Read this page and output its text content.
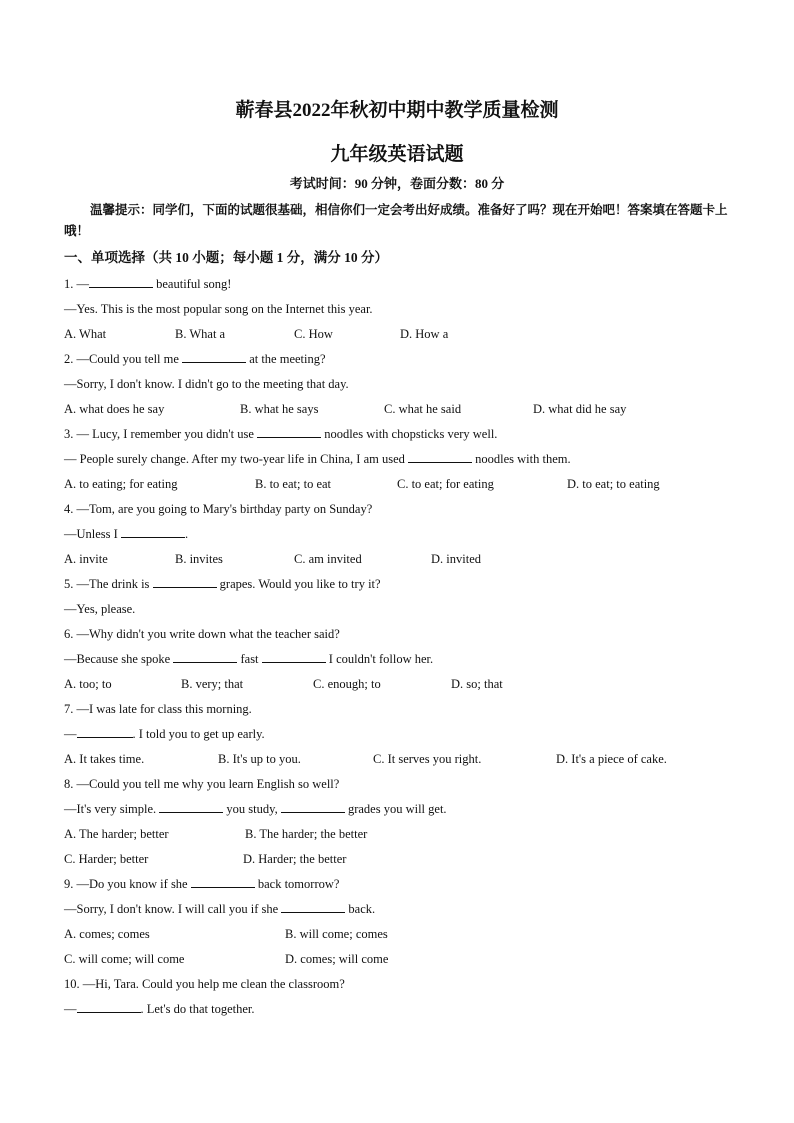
蕲春县2022年秋初中期中教学质量检测
九年级英语试题
考试时间：90 分钟，卷面分数：80 分
温馨提示：同学们，下面的试题很基础，相信你们一定会考出好成绩。准备好了吗？现在开始吧！答案填在答题卡上哦！
一、单项选择（共 10 小题；每小题 1 分，满分 10 分）
1. —	beautiful song!
—Yes. This is the most popular song on the Internet this year.
A. What	B. What a	C. How	D. How a
2. —Could you tell me	at the meeting?
—Sorry, I don't know. I didn't go to the meeting that day.
A. what does he say	B. what he says	C. what he said	D. what did he say
3. — Lucy, I remember you didn't use	noodles with chopsticks very well.
— People surely change. After my two-year life in China, I am used	noodles with them.
A. to eating; for eating	B. to eat; to eat	C. to eat; for eating	D. to eat; to eating
4. —Tom, are you going to Mary's birthday party on Sunday?
—Unless I	.
A. invite	B. invites	C. am invited	D. invited
5. —The drink is	grapes. Would you like to try it?
—Yes, please.
6. —Why didn't you write down what the teacher said?
—Because she spoke	fast	I couldn't follow her.
A. too; to	B. very; that	C. enough; to	D. so; that
7. —I was late for class this morning.
—	. I told you to get up early.
A. It takes time.	B. It's up to you.	C. It serves you right.	D. It's a piece of cake.
8. —Could you tell me why you learn English so well?
—It's very simple.	you study,	grades you will get.
A. The harder; better	B. The harder; the better
C. Harder; better	D. Harder; the better
9. —Do you know if she	back tomorrow?
—Sorry, I don't know. I will call you if she	back.
A. comes; comes	B. will come; comes
C. will come; will come	D. comes; will come
10. —Hi, Tara. Could you help me clean the classroom?
—	. Let's do that together.
